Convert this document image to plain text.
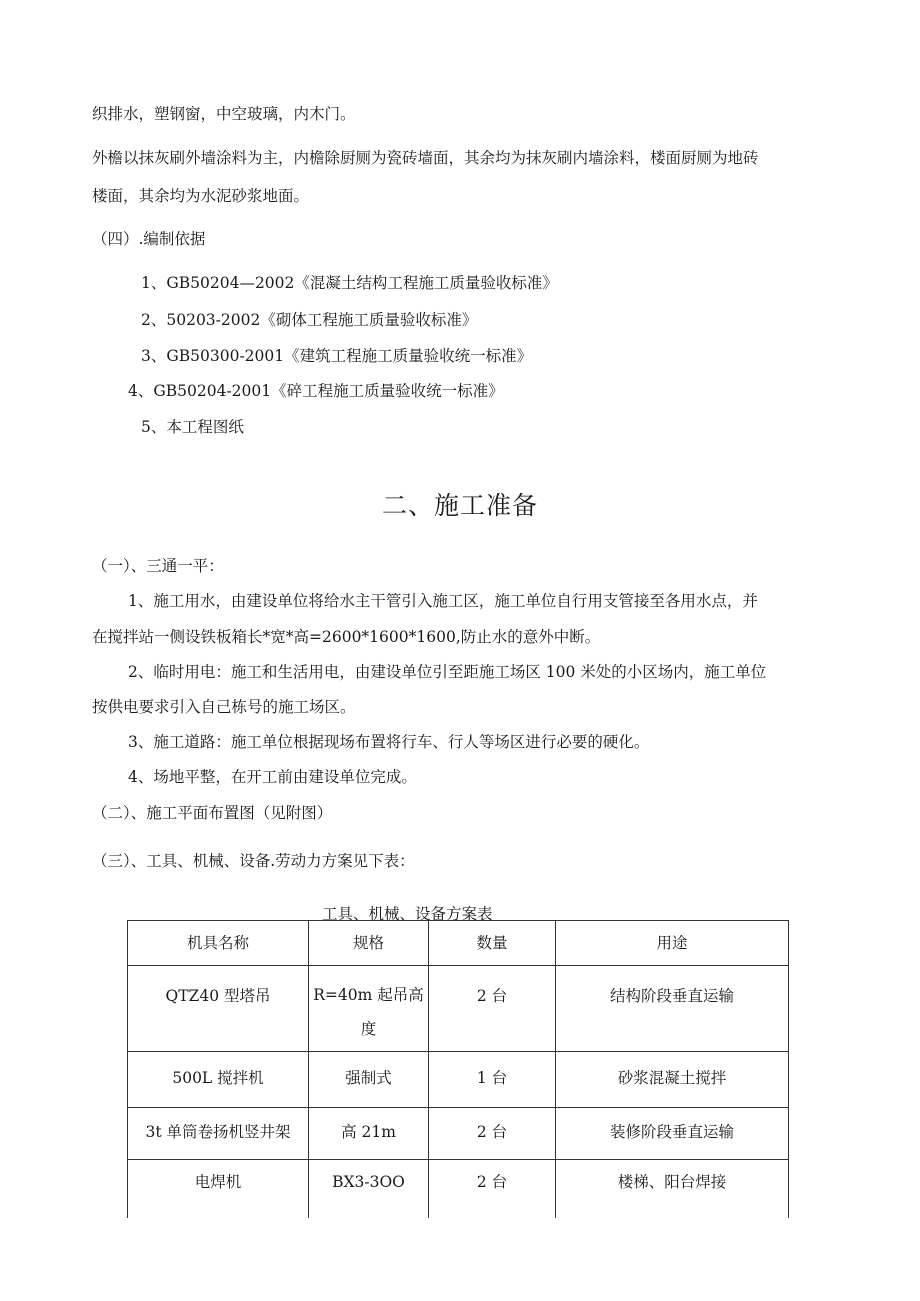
织排水，塑钢窗，中空玻璃，内木门。
外檐以抹灰刷外墙涂料为主，内檐除厨厕为瓷砖墙面，其余均为抹灰刷内墙涂料，楼面厨厕为地砖
楼面，其余均为水泥砂浆地面。
（四）.编制依据
1、GB50204—2002《混凝土结构工程施工质量验收标准》
2、50203-2002《砌体工程施工质量验收标准》
3、GB50300-2001《建筑工程施工质量验收统一标准》
4、GB50204-2001《碎工程施工质量验收统一标准》
5、本工程图纸
二、施工准备
（一）、三通一平：
1、施工用水，由建设单位将给水主干管引入施工区，施工单位自行用支管接至各用水点，并
在搅拌站一侧设铁板箱长*宽*高=2600*1600*1600,防止水的意外中断。
2、临时用电：施工和生活用电，由建设单位引至距施工场区 100 米处的小区场内，施工单位
按供电要求引入自己栋号的施工场区。
3、施工道路：施工单位根据现场布置将行车、行人等场区进行必要的硬化。
4、场地平整，在开工前由建设单位完成。
（二）、施工平面布置图（见附图）
（三）、工具、机械、设备.劳动力方案见下表：
工具、机械、设备方案表
机具名称	规格	数量	用途
QTZ40 型塔吊	R=40m 起吊高度	2 台	结构阶段垂直运输
500L 搅拌机	强制式	1 台	砂浆混凝土搅拌
3t 单筒卷扬机竖井架	高 21m	2 台	装修阶段垂直运输
电焊机	BX3-3OO	2 台	楼梯、阳台焊接
